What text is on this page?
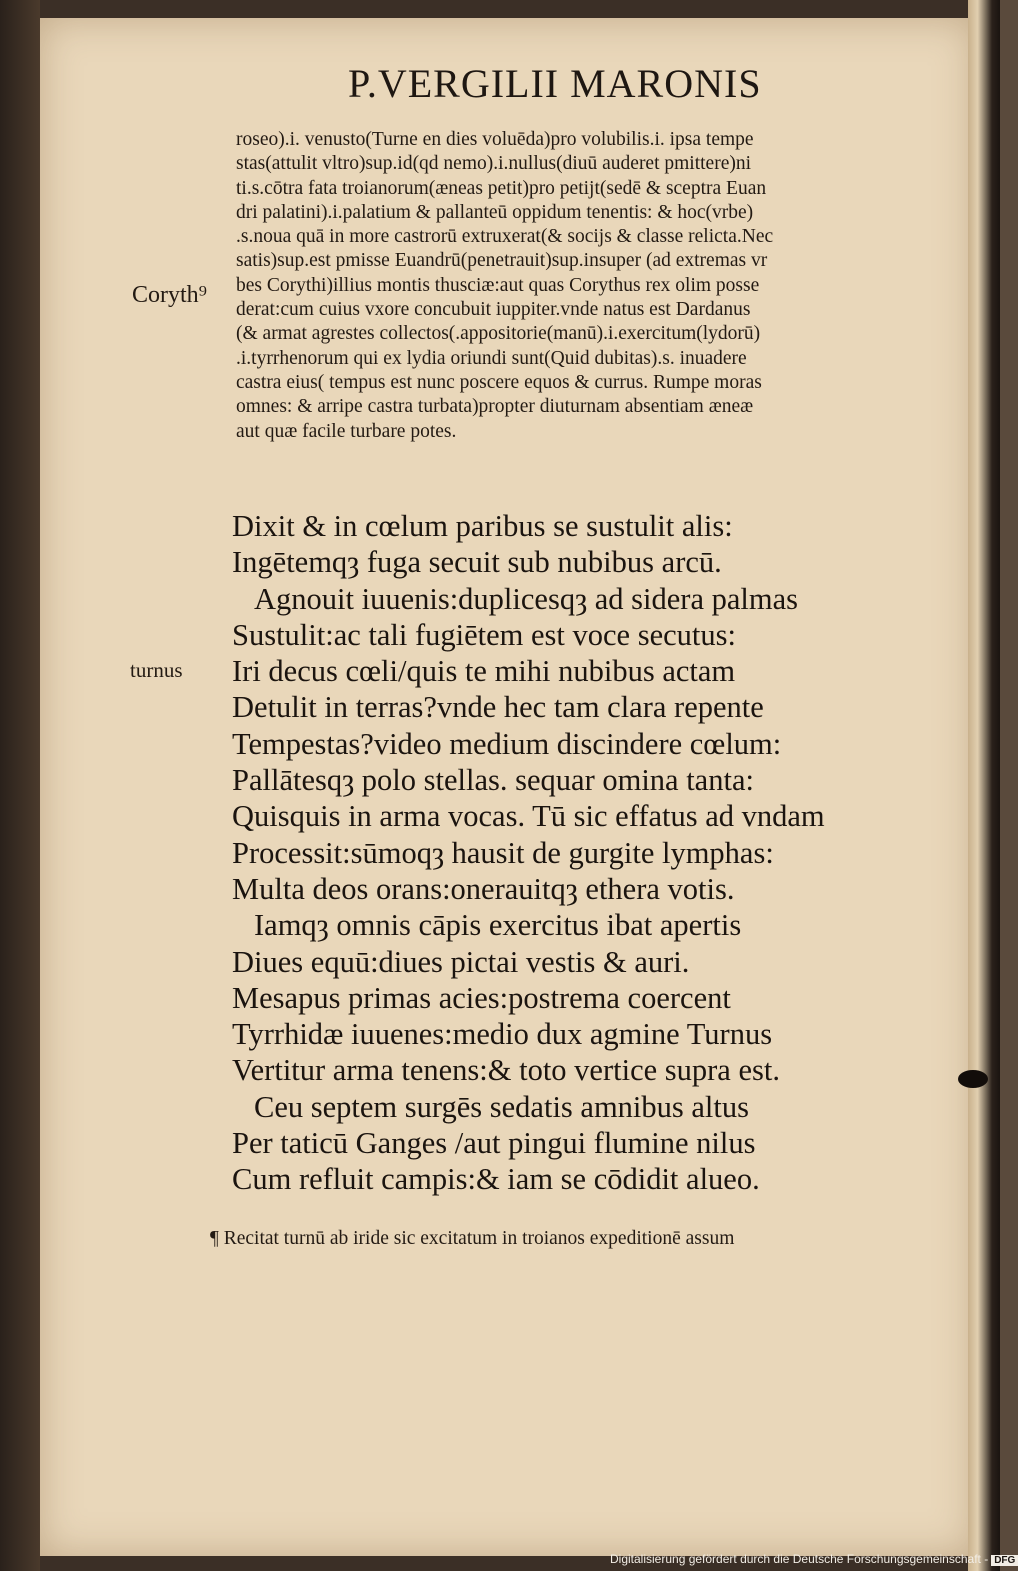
P.VERGILII MARONIS

Coryth⁹

turnus

roseo).i. venusto(Turne en dies voluēda)pro volubilis.i. ipsa tempe
stas(attulit vltro)sup.id(qd nemo).i.nullus(diuū auderet pmittere)ni
ti.s.cōtra fata troianorum(æneas petit)pro petijt(sedē & sceptra Euan
dri palatini).i.palatium & pallanteū oppidum tenentis: & hoc(vrbe)
.s.noua quā in more castrorū extruxerat(& socijs & classe relicta.Nec
satis)sup.est pmisse Euandrū(penetrauit)sup.insuper (ad extremas vr
bes Corythi)illius montis thusciæ:aut quas Corythus rex olim posse
derat:cum cuius vxore concubuit iuppiter.vnde natus est Dardanus
(& armat agrestes collectos(.appositorie(manū).i.exercitum(lydorū)
.i.tyrrhenorum qui ex lydia oriundi sunt(Quid dubitas).s. inuadere
castra eius( tempus est nunc poscere equos & currus. Rumpe moras
omnes: & arripe castra turbata)propter diuturnam absentiam æneæ
aut quæ facile turbare potes.
Dixit & in cœlum paribus se sustulit alis:
Ingētemqȝ fuga secuit sub nubibus arcū.
Agnouit iuuenis:duplicesqȝ ad sidera palmas
Sustulit:ac tali fugiētem est voce secutus:
Iri decus cœli/quis te mihi nubibus actam
Detulit in terras?vnde hec tam clara repente
Tempestas?video medium discindere cœlum:
Pallātesqȝ polo stellas. sequar omina tanta:
Quisquis in arma vocas. Tū sic effatus ad vndam
Processit:sūmoqȝ hausit de gurgite lymphas:
Multa deos orans:onerauitqȝ ethera votis.
Iamqȝ omnis cāpis exercitus ibat apertis
Diues equū:diues pictai vestis & auri.
Mesapus primas acies:postrema coercent
Tyrrhidæ iuuenes:medio dux agmine Turnus
Vertitur arma tenens:& toto vertice supra est.
Ceu septem surgēs sedatis amnibus altus
Per taticū Ganges /aut pingui flumine nilus
Cum refluit campis:& iam se cōdidit alueo.

¶ Recitat turnū ab iride sic excitatum in troianos expeditionē assum

Digitalisierung gefördert durch die Deutsche Forschungsgemeinschaft - DFG
